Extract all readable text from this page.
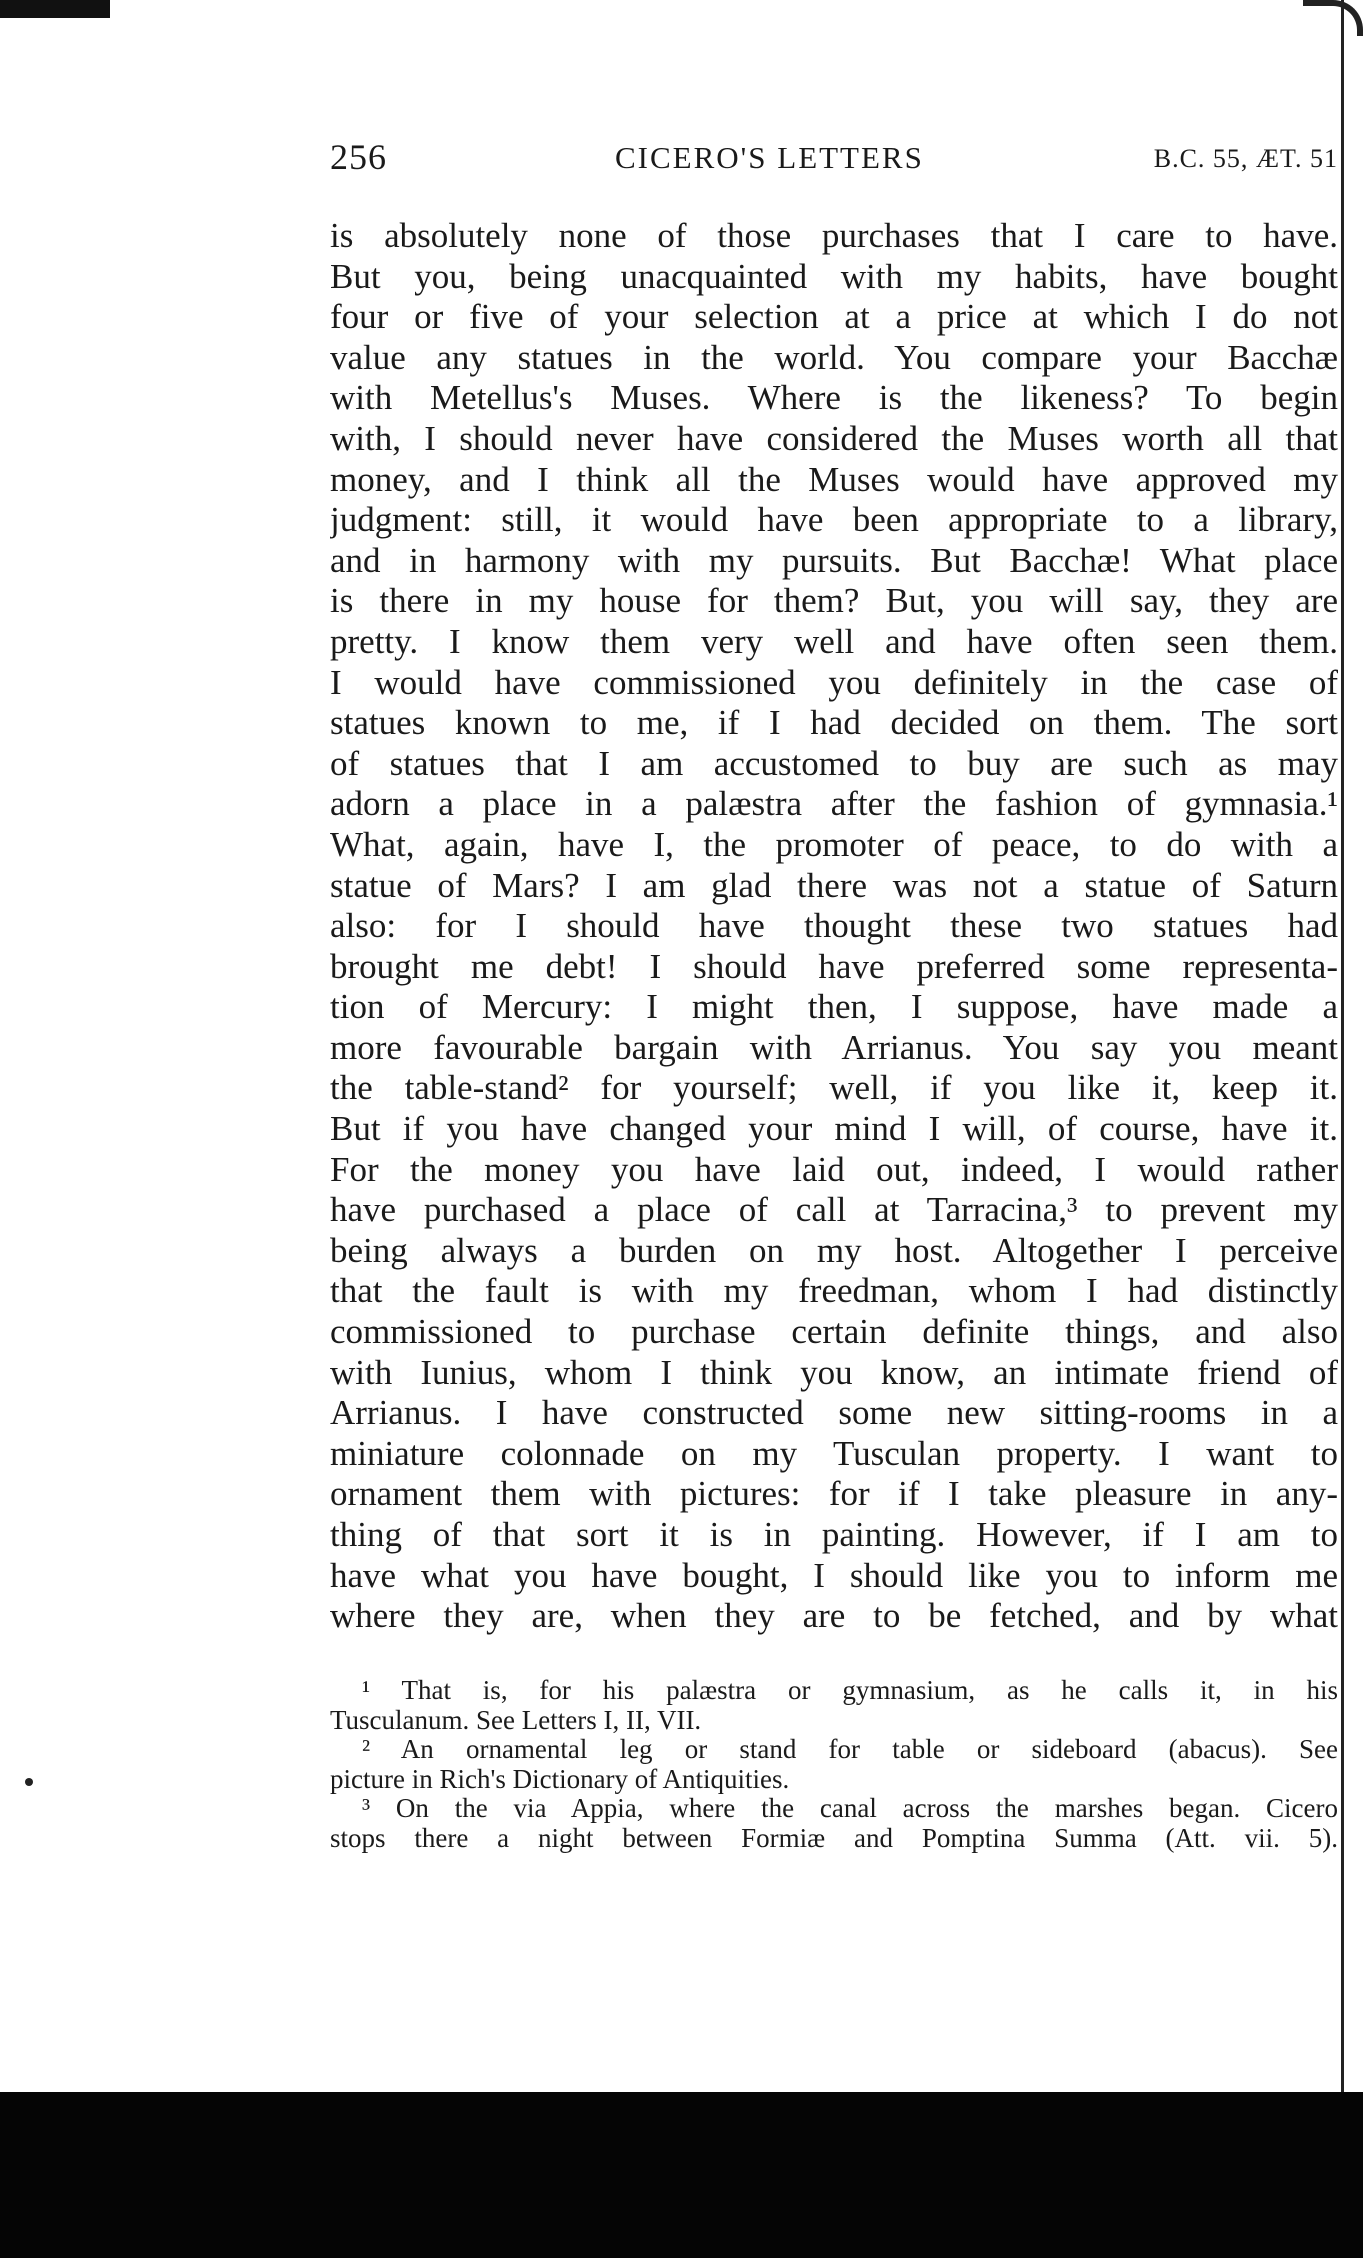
256	CICERO'S LETTERS	B.C. 55, ÆT. 51
is absolutely none of those purchases that I care to have.
But you, being unacquainted with my habits, have bought
four or five of your selection at a price at which I do not
value any statues in the world. You compare your Bacchæ
with Metellus's Muses. Where is the likeness? To begin
with, I should never have considered the Muses worth all that
money, and I think all the Muses would have approved my
judgment: still, it would have been appropriate to a library,
and in harmony with my pursuits. But Bacchæ! What place
is there in my house for them? But, you will say, they are
pretty. I know them very well and have often seen them.
I would have commissioned you definitely in the case of
statues known to me, if I had decided on them. The sort
of statues that I am accustomed to buy are such as may
adorn a place in a palæstra after the fashion of gymnasia.¹
What, again, have I, the promoter of peace, to do with a
statue of Mars? I am glad there was not a statue of Saturn
also: for I should have thought these two statues had
brought me debt! I should have preferred some representa-
tion of Mercury: I might then, I suppose, have made a
more favourable bargain with Arrianus. You say you meant
the table-stand² for yourself; well, if you like it, keep it.
But if you have changed your mind I will, of course, have it.
For the money you have laid out, indeed, I would rather
have purchased a place of call at Tarracina,³ to prevent my
being always a burden on my host. Altogether I perceive
that the fault is with my freedman, whom I had distinctly
commissioned to purchase certain definite things, and also
with Iunius, whom I think you know, an intimate friend of
Arrianus. I have constructed some new sitting-rooms in a
miniature colonnade on my Tusculan property. I want to
ornament them with pictures: for if I take pleasure in any-
thing of that sort it is in painting. However, if I am to
have what you have bought, I should like you to inform me
where they are, when they are to be fetched, and by what
¹ That is, for his palæstra or gymnasium, as he calls it, in his
Tusculanum. See Letters I, II, VII.
² An ornamental leg or stand for table or sideboard (abacus). See
picture in Rich's Dictionary of Antiquities.
³ On the via Appia, where the canal across the marshes began. Cicero
stops there a night between Formiæ and Pomptina Summa (Att. vii. 5).
